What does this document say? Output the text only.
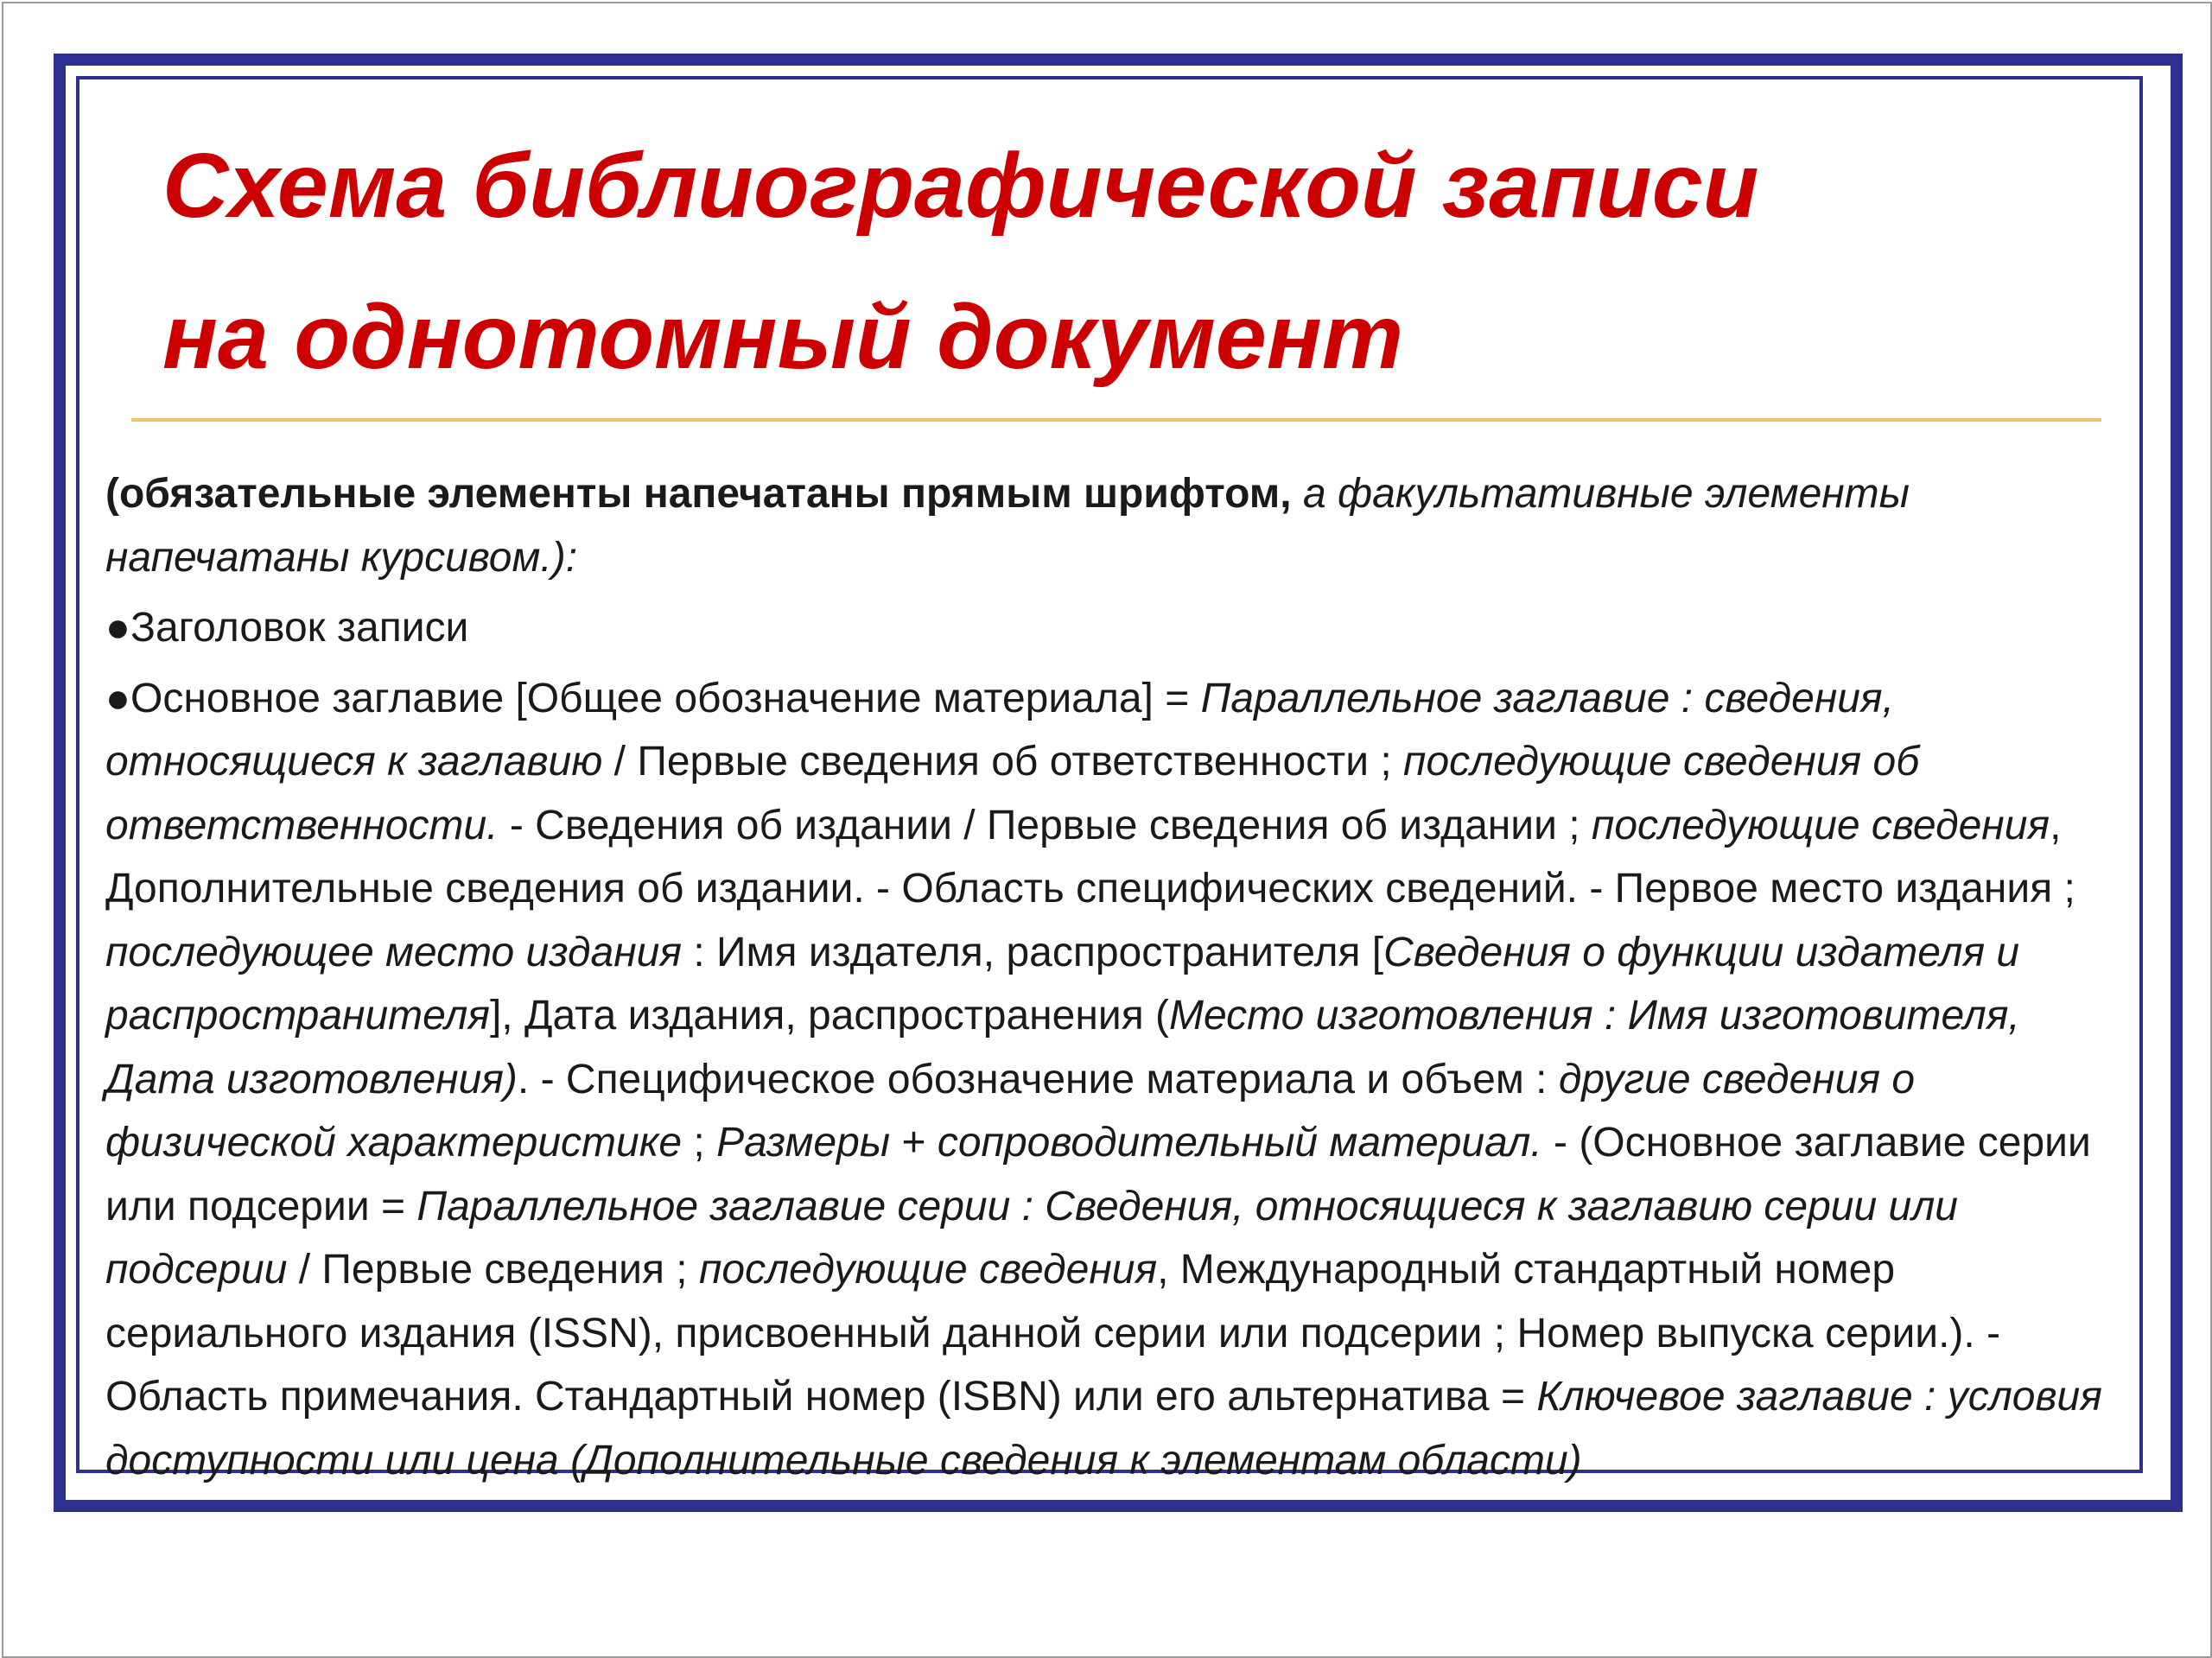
Схема библиографической записи
на однотомный документ

(обязательные элементы напечатаны прямым шрифтом, а факультативные элементы напечатаны курсивом.):

●Заголовок записи

●Основное заглавие [Общее обозначение материала] = Параллельное заглавие : сведения, относящиеся к заглавию / Первые сведения об ответственности ; последующие сведения об ответственности. - Сведения об издании / Первые сведения об издании ; последующие сведения, Дополнительные сведения об издании. - Область специфических сведений. - Первое место издания ; последующее место издания : Имя издателя, распространителя [Сведения о функции издателя и распространителя], Дата издания, распространения (Место изготовления : Имя изготовителя, Дата изготовления). - Специфическое обозначение материала и объем : другие сведения о физической характеристике ; Размеры + сопроводительный материал. - (Основное заглавие серии или подсерии = Параллельное заглавие серии : Сведения, относящиеся к заглавию серии или подсерии / Первые сведения ; последующие сведения, Международный стандартный номер сериального издания (ISSN), присвоенный данной серии или подсерии ; Номер выпуска серии.). - Область примечания. Стандартный номер (ISBN) или его альтернатива = Ключевое заглавие : условия доступности или цена (Дополнительные сведения к элементам области)
